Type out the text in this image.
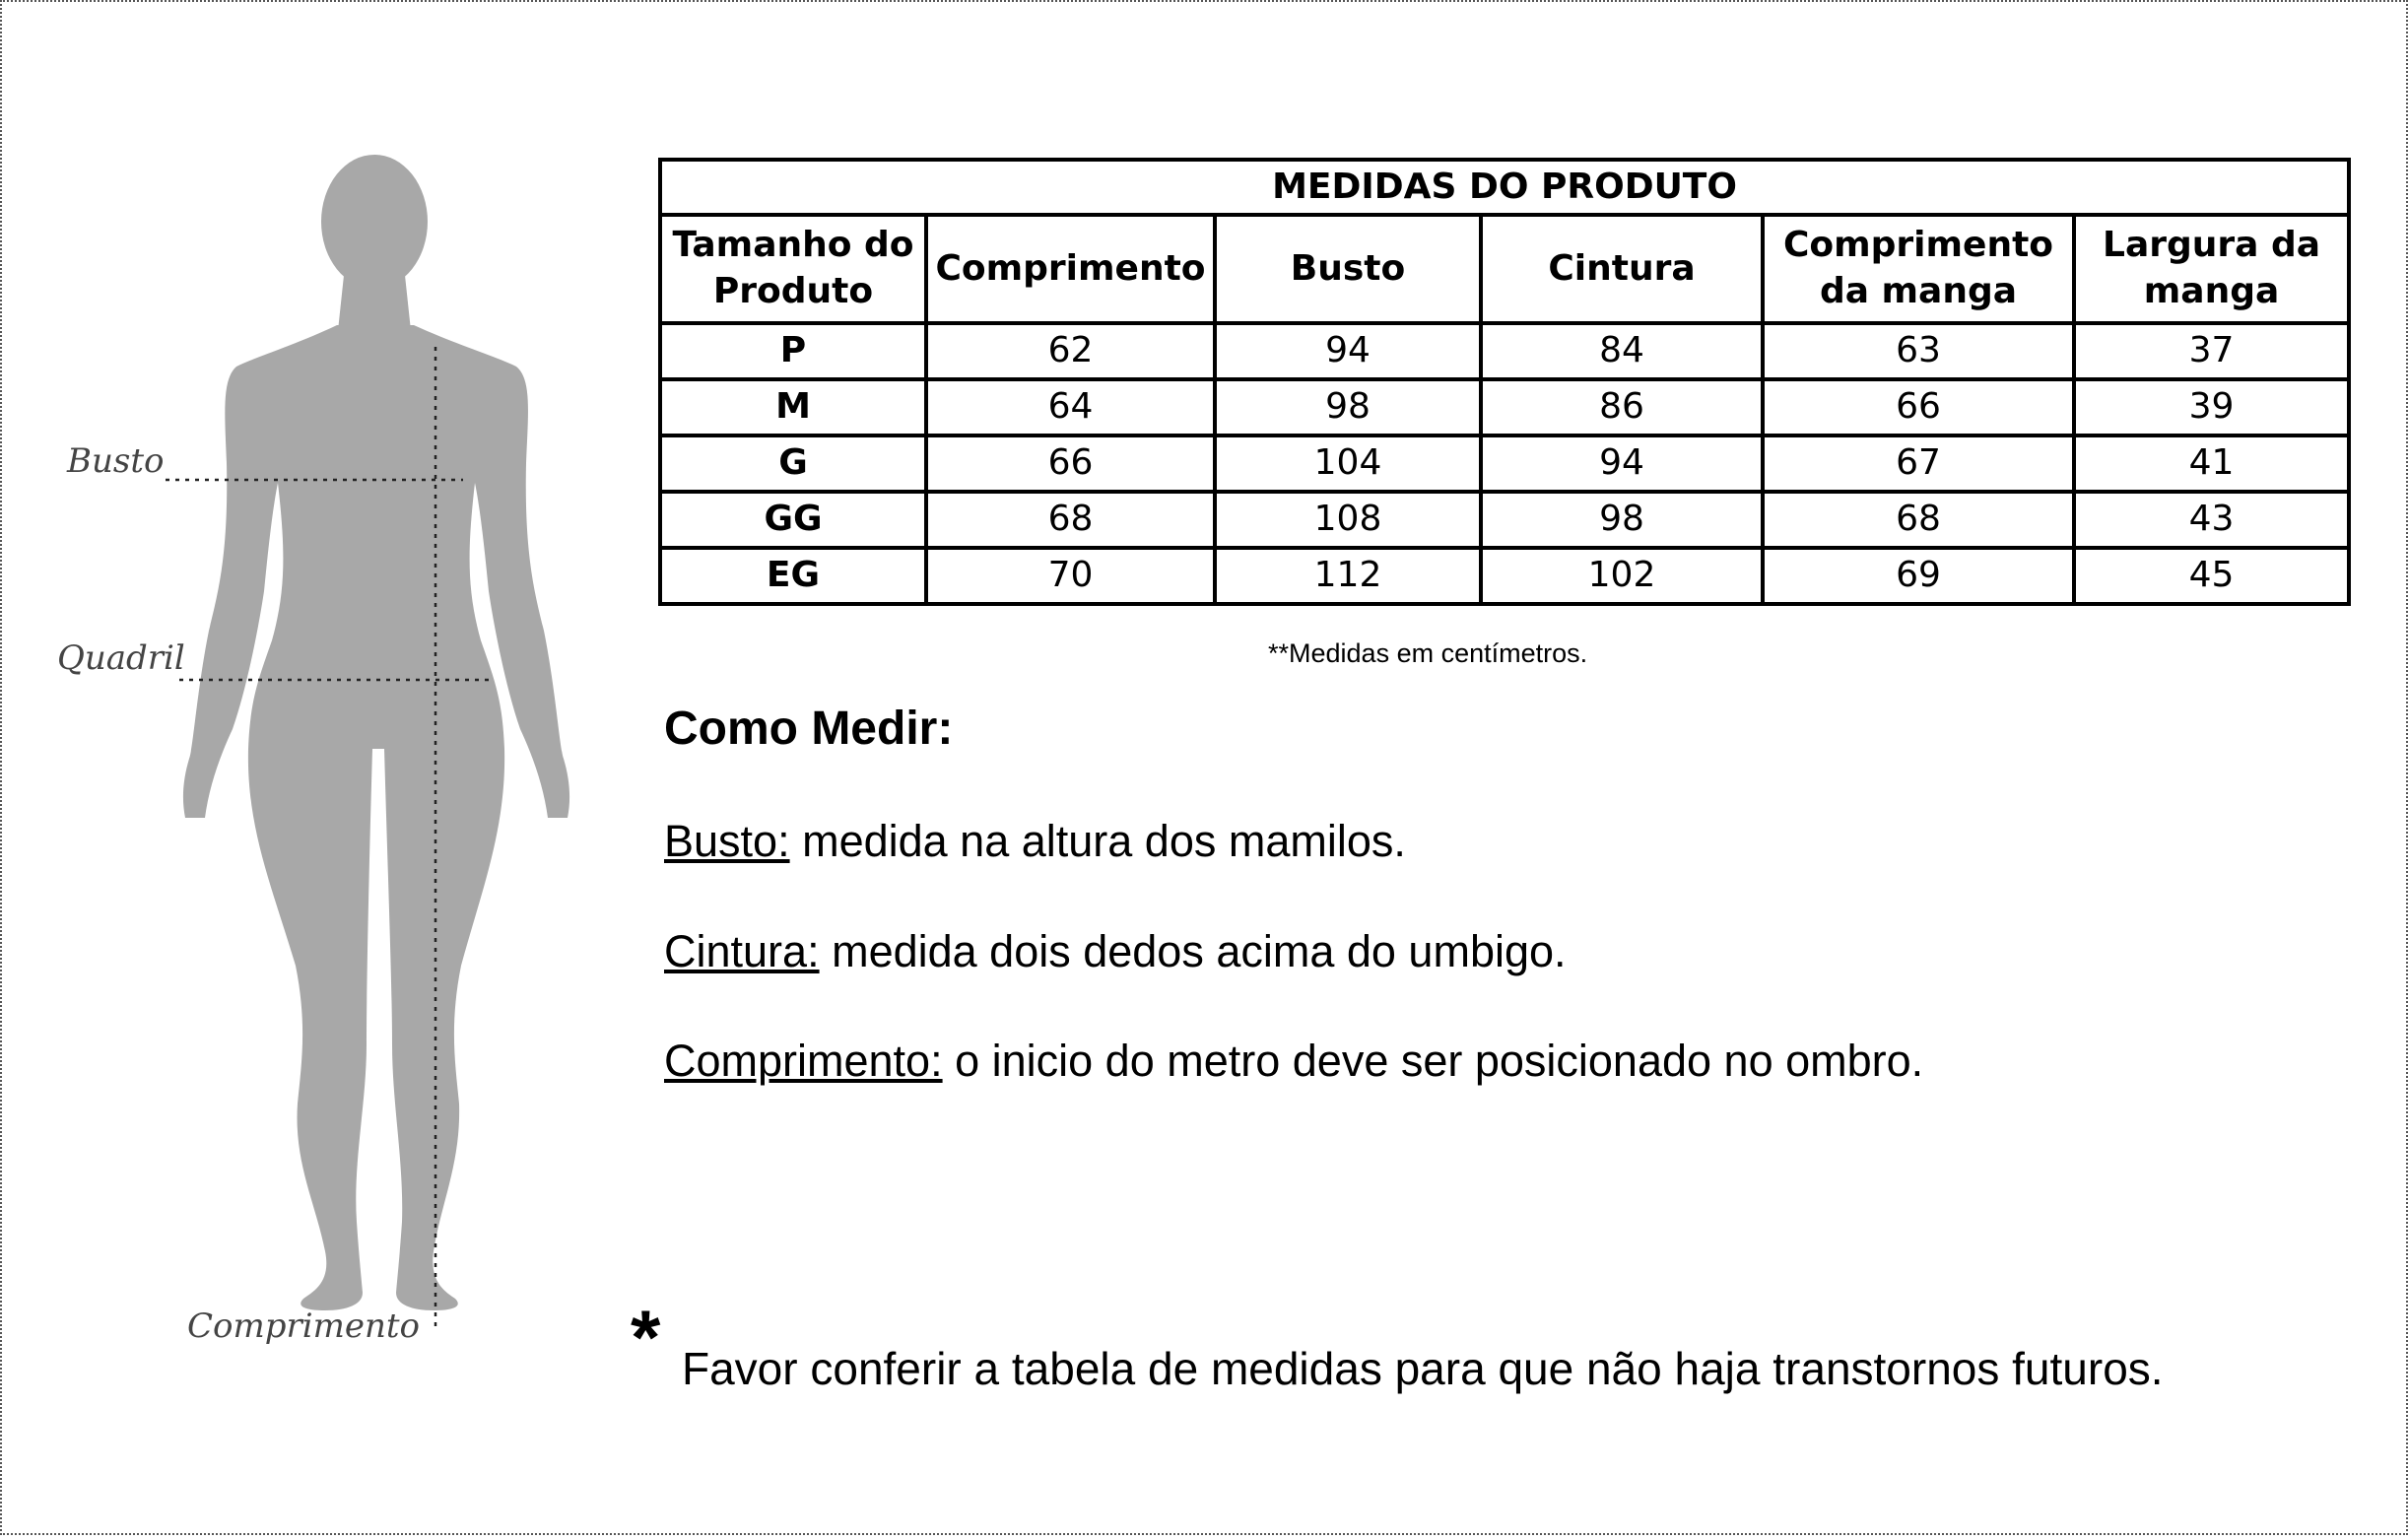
Busto
Quadril
Comprimento
MEDIDAS DO PRODUTO					
Tamanho do Produto	Comprimento	Busto	Cintura	Comprimento da manga	Largura da manga
P	62	94	84	63	37
M	64	98	86	66	39
G	66	104	94	67	41
GG	68	108	98	68	43
EG	70	112	102	69	45
**Medidas em centímetros.
Como Medir:
Busto: medida na altura dos mamilos.
Cintura: medida dois dedos acima do umbigo.
Comprimento: o inicio do metro deve ser posicionado no ombro.
* Favor conferir a tabela de medidas para que não haja transtornos futuros.
